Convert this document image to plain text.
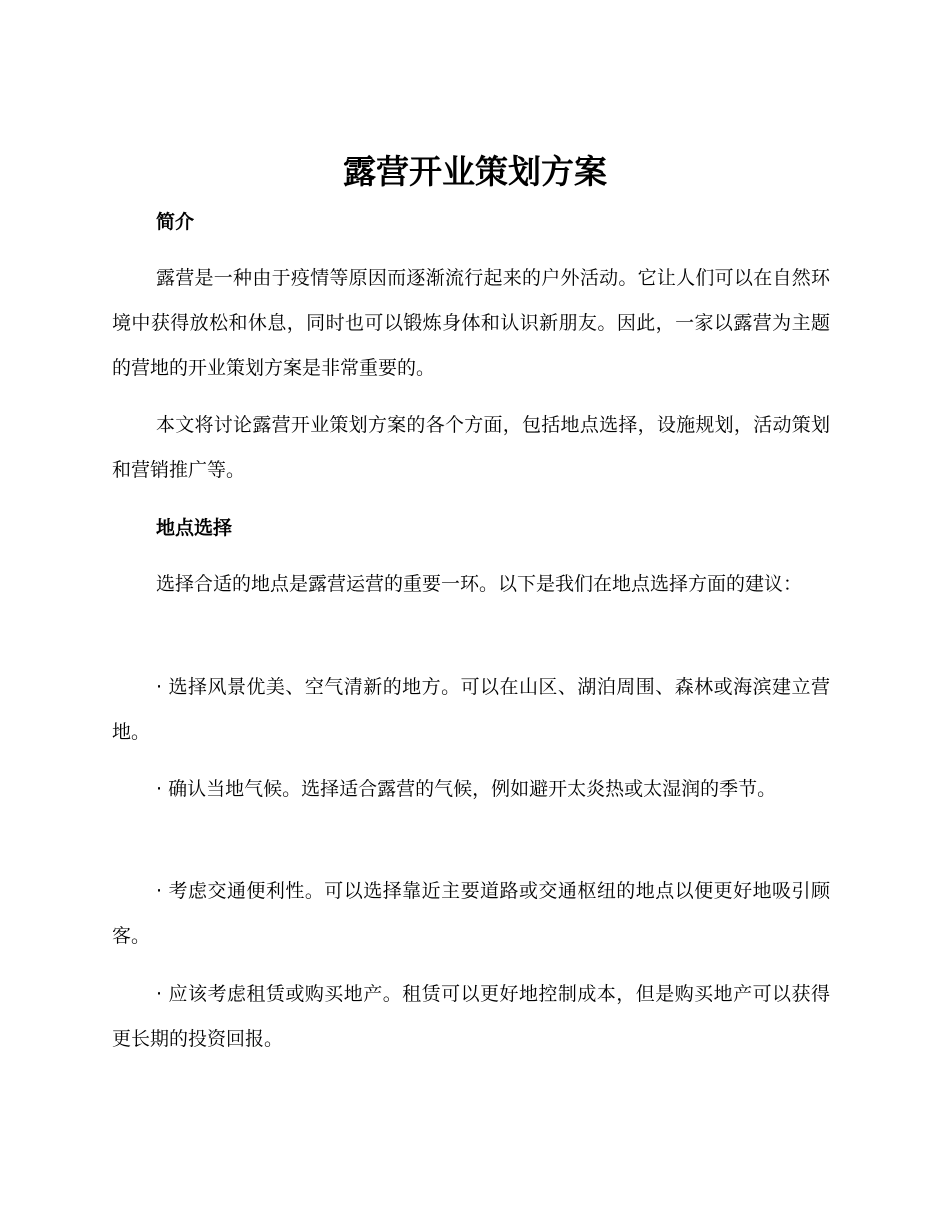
露营开业策划方案
简介

露营是一种由于疫情等原因而逐渐流行起来的户外活动。它让人们可以在自然环境中获得放松和休息，同时也可以锻炼身体和认识新朋友。因此，一家以露营为主题的营地的开业策划方案是非常重要的。

本文将讨论露营开业策划方案的各个方面，包括地点选择，设施规划，活动策划和营销推广等。

地点选择

选择合适的地点是露营运营的重要一环。以下是我们在地点选择方面的建议：

· 选择风景优美、空气清新的地方。可以在山区、湖泊周围、森林或海滨建立营地。

· 确认当地气候。选择适合露营的气候，例如避开太炎热或太湿润的季节。

· 考虑交通便利性。可以选择靠近主要道路或交通枢纽的地点以便更好地吸引顾客。

· 应该考虑租赁或购买地产。租赁可以更好地控制成本，但是购买地产可以获得更长期的投资回报。
